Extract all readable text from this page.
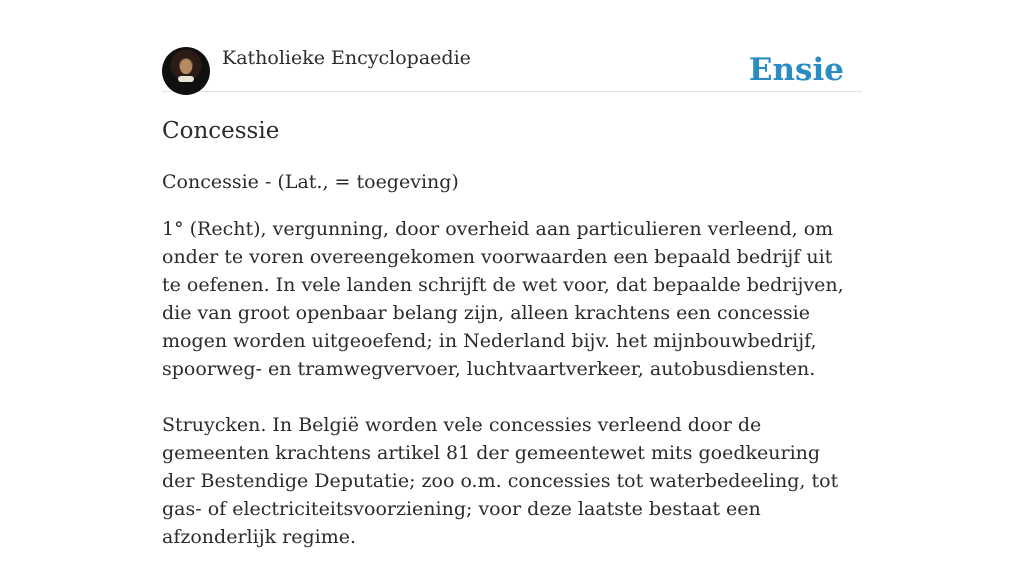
Katholieke Encyclopaedie	Ensie
Concessie

Concessie - (Lat., = toegeving)

1° (Recht), vergunning, door overheid aan particulieren verleend, om onder te voren overeengekomen voorwaarden een bepaald bedrijf uit te oefenen. In vele landen schrijft de wet voor, dat bepaalde bedrijven, die van groot openbaar belang zijn, alleen krachtens een concessie mogen worden uitgeoefend; in Nederland bijv. het mijnbouwbedrijf, spoorweg- en tramwegvervoer, luchtvaartverkeer, autobusdiensten.

Struycken. In België worden vele concessies verleend door de gemeenten krachtens artikel 81 der gemeentewet mits goedkeuring der Bestendige Deputatie; zoo o.m. concessies tot waterbedeeling, tot gas- of electriciteitsvoorziening; voor deze laatste bestaat een afzonderlijk regime.
